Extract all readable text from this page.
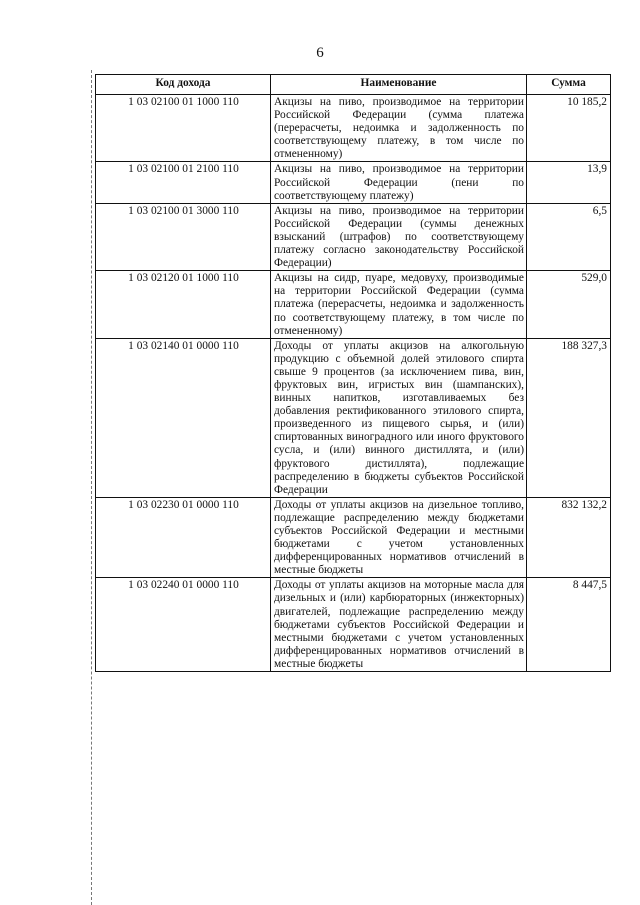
6
Код дохода	Наименование	Сумма
1 03 02100 01 1000 110	Акцизы на пиво, производимое на территории Российской Федерации (сумма платежа (перерасчеты, недоимка и задолженность по соответствующему платежу, в том числе по отмененному)	10 185,2
1 03 02100 01 2100 110	Акцизы на пиво, производимое на территории Российской Федерации (пени по соответствующему платежу)	13,9
1 03 02100 01 3000 110	Акцизы на пиво, производимое на территории Российской Федерации (суммы денежных взысканий (штрафов) по соответствующему платежу согласно законодательству Российской Федерации)	6,5
1 03 02120 01 1000 110	Акцизы на сидр, пуаре, медовуху, производимые на территории Российской Федерации (сумма платежа (перерасчеты, недоимка и задолженность по соответствующему платежу, в том числе по отмененному)	529,0
1 03 02140 01 0000 110	Доходы от уплаты акцизов на алкогольную продукцию с объемной долей этилового спирта свыше 9 процентов (за исключением пива, вин, фруктовых вин, игристых вин (шампанских), винных напитков, изготавливаемых без добавления ректификованного этилового спирта, произведенного из пищевого сырья, и (или) спиртованных виноградного или иного фруктового сусла, и (или) винного дистиллята, и (или) фруктового дистиллята), подлежащие распределению в бюджеты субъектов Российской Федерации	188 327,3
1 03 02230 01 0000 110	Доходы от уплаты акцизов на дизельное топливо, подлежащие распределению между бюджетами субъектов Российской Федерации и местными бюджетами с учетом установленных дифференцированных нормативов отчислений в местные бюджеты	832 132,2
1 03 02240 01 0000 110	Доходы от уплаты акцизов на моторные масла для дизельных и (или) карбюраторных (инжекторных) двигателей, подлежащие распределению между бюджетами субъектов Российской Федерации и местными бюджетами с учетом установленных дифференцированных нормативов отчислений в местные бюджеты	8 447,5
